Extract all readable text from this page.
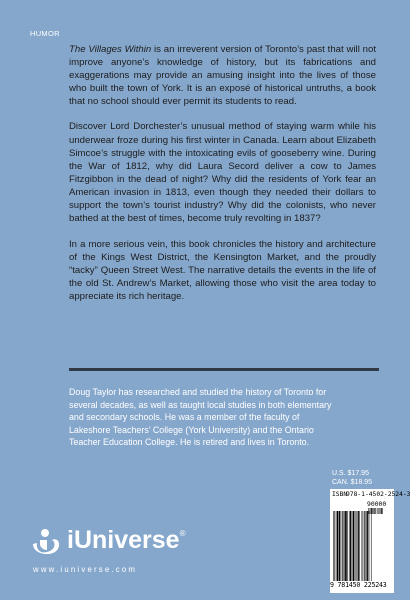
HUMOR

The Villages Within is an irreverent version of Toronto’s past that will not improve anyone’s knowledge of history, but its fabrications and exaggerations may provide an amusing insight into the lives of those who built the town of York. It is an exposé of historical untruths, a book that no school should ever permit its students to read.

Discover Lord Dorchester’s unusual method of staying warm while his underwear froze during his first winter in Canada. Learn about Elizabeth Simcoe’s struggle with the intoxicating evils of gooseberry wine. During the War of 1812, why did Laura Secord deliver a cow to James Fitzgibbon in the dead of night? Why did the residents of York fear an American invasion in 1813, even though they needed their dollars to support the town’s tourist industry? Why did the colonists, who never bathed at the best of times, become truly revolting in 1837?

In a more serious vein, this book chronicles the history and architecture of the Kings West District, the Kensington Market, and the proudly “tacky” Queen Street West. The narrative details the events in the life of the old St. Andrew’s Market, allowing those who visit the area today to appreciate its rich heritage.

Doug Taylor has researched and studied the history of Toronto for several decades, as well as taught local studies in both elementary and secondary schools. He was a member of the faculty of Lakeshore Teachers’ College (York University) and the Ontario Teacher Education College. He is retired and lives in Toronto.

U.S. $17.95
CAN. $18.95
ISBN
978-1-4502-2524-3
90000
9 781450 225243
iUniverse®
www.iuniverse.com
